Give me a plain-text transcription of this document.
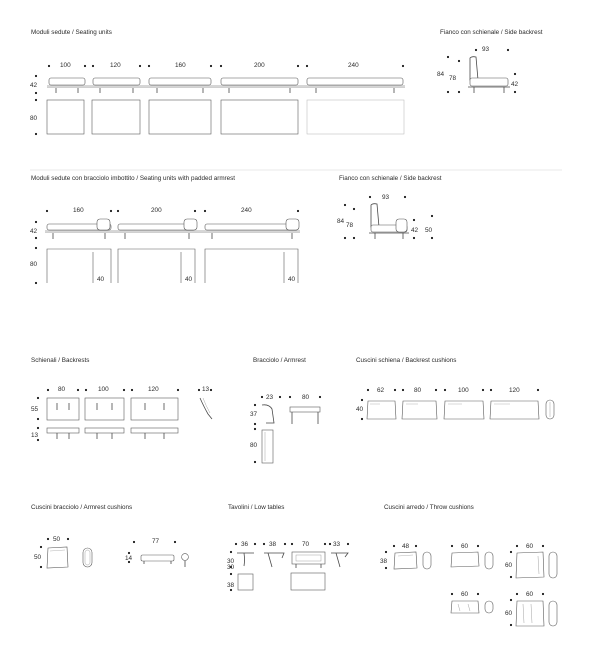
Moduli sedute / Seating units
100	120	160	200	240
42
80
Fianco con schienale / Side backrest
93
84
78
42
Moduli sedute con bracciolo imbottito / Seating units with padded armrest
160	200	240
42
80
40	40	40
Fianco con schienale / Side backrest
93
84
78
42 50
Schienali / Backrests
80	100	120	13
55
13
Bracciolo / Armrest
23	80
37
80
Cuscini schiena / Backrest cushions
62	80	100	120
40
Cuscini bracciolo / Armrest cushions
50
50
77
14
Tavolini / Low tables
36	38	70	33
30
30
38
Cuscini arredo / Throw cushions
48
38
60	60
60
60	60
60
